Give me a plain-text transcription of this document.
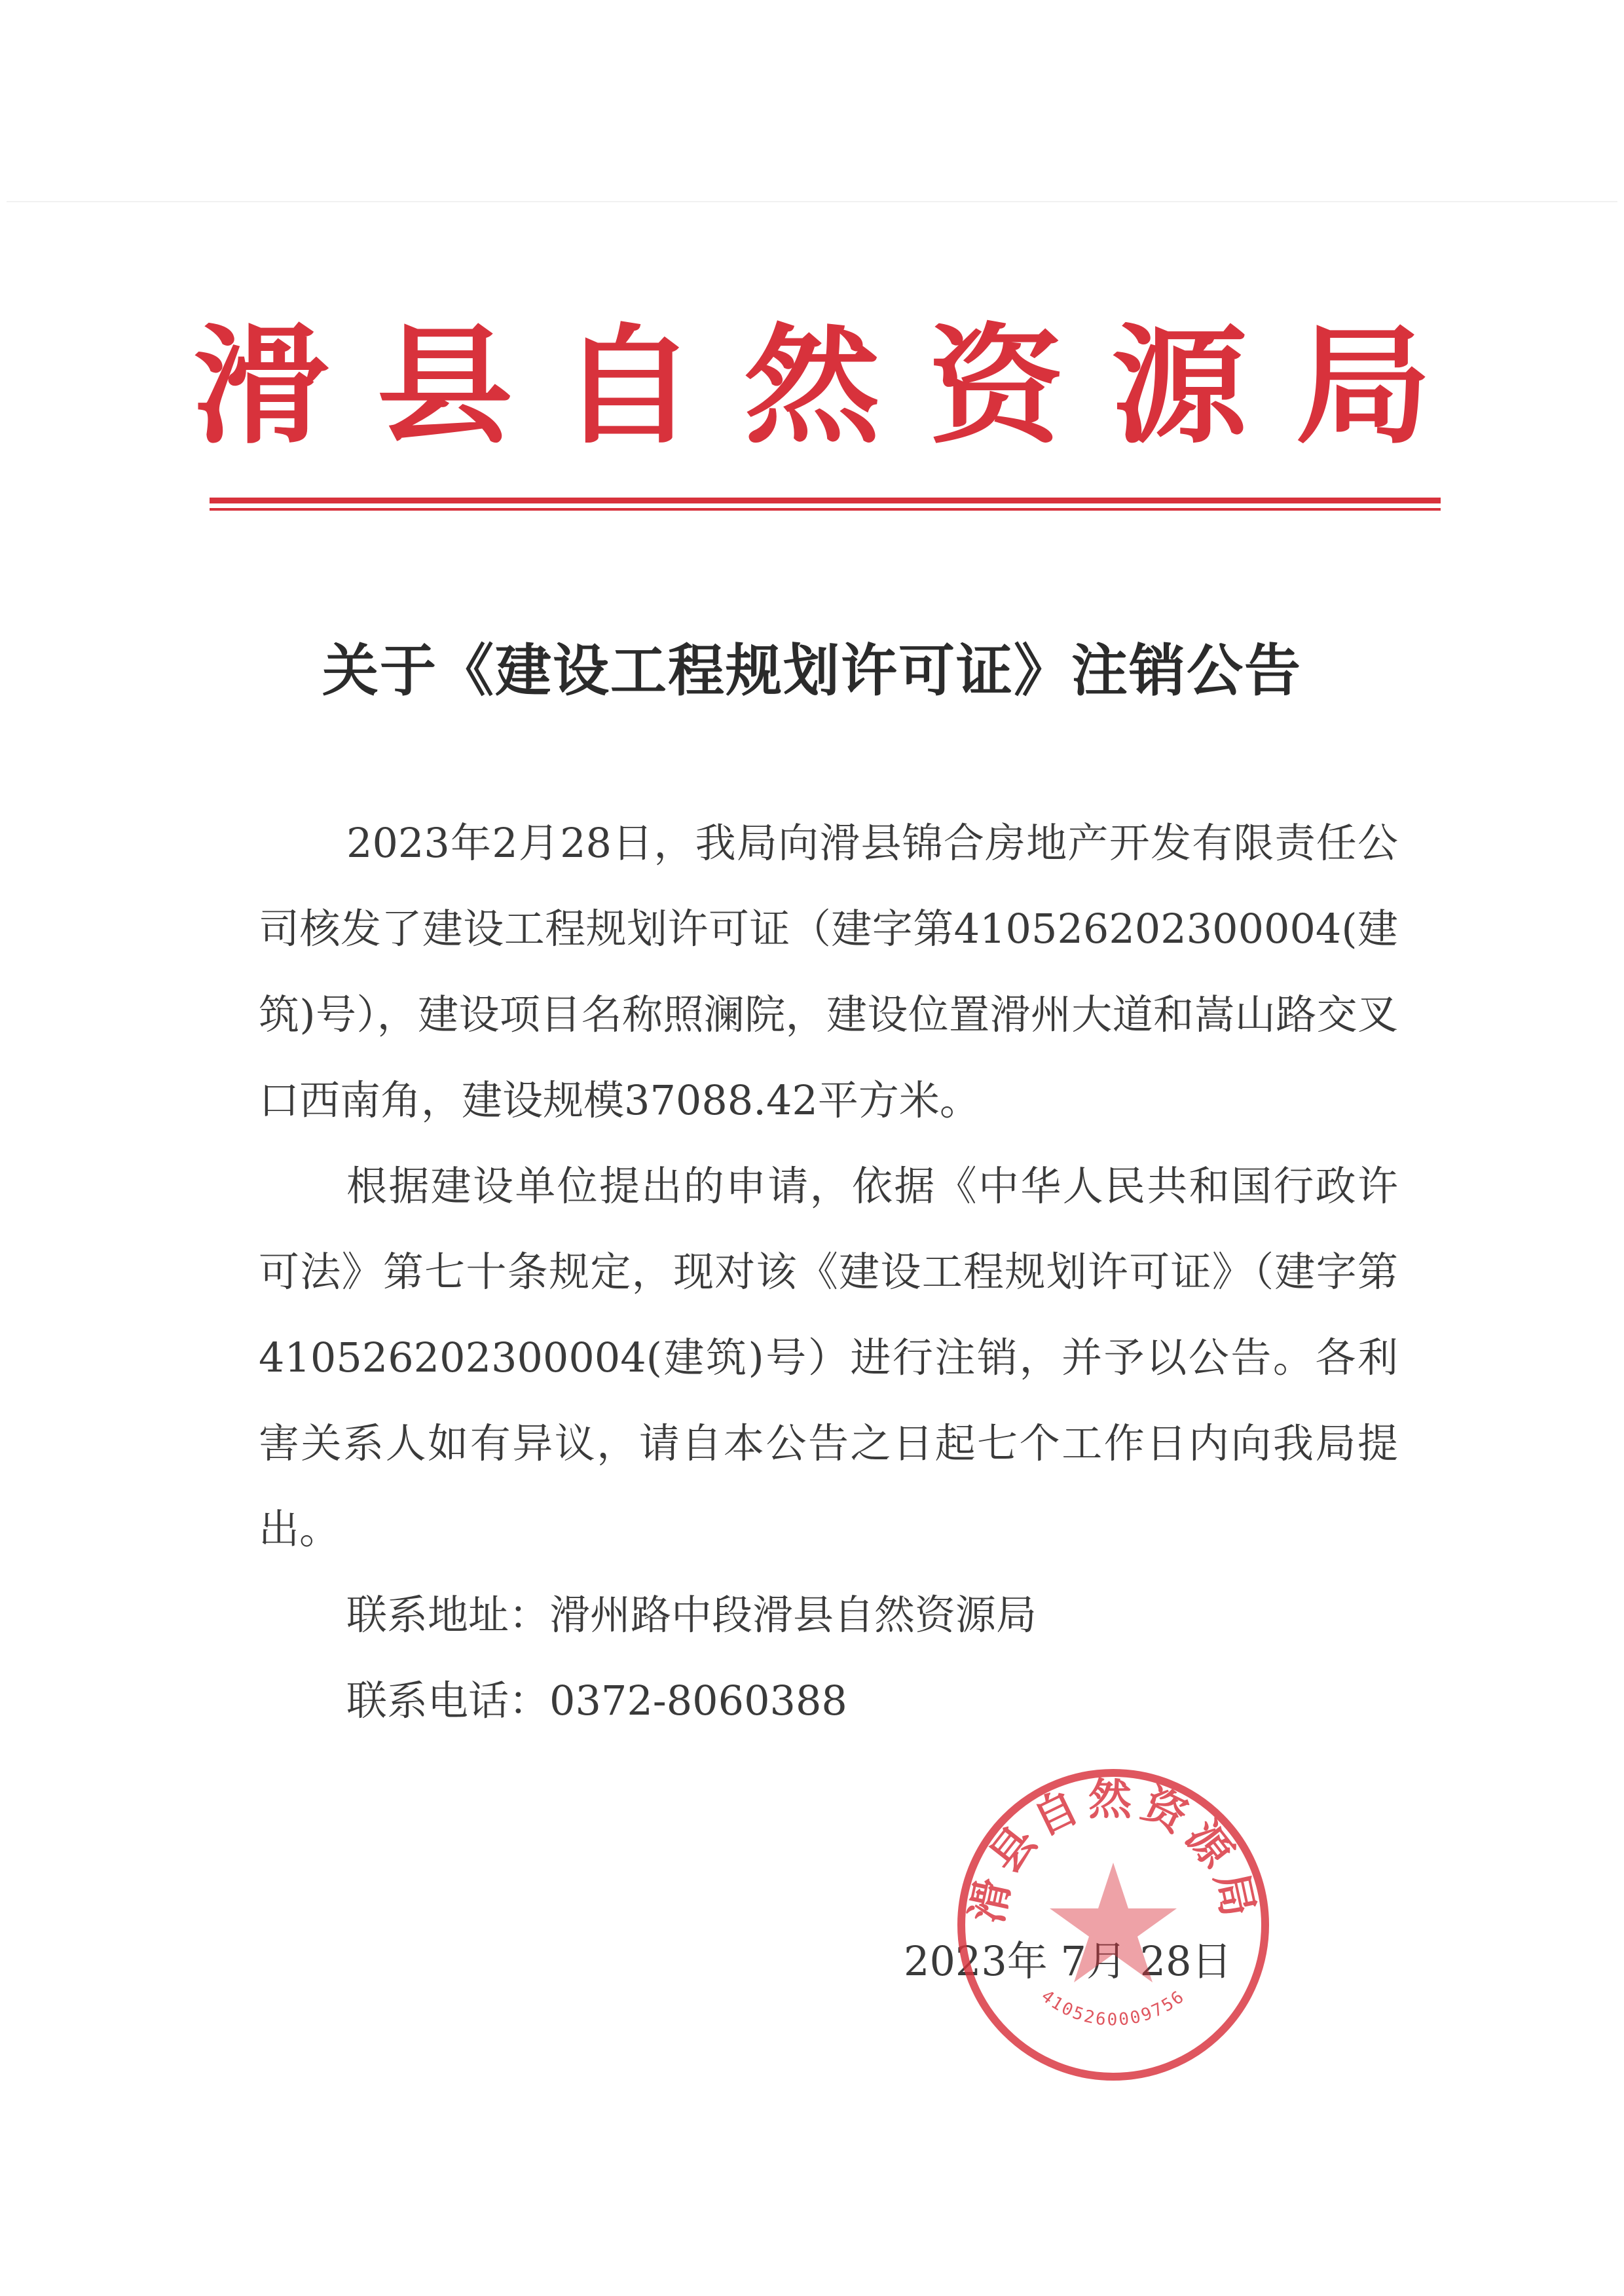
滑 县 自 然 资 源 局
关于《建设工程规划许可证》注销公告

2023年2月28日，我局向滑县锦合房地产开发有限责任公司核发了建设工程规划许可证（建字第410526202300004(建筑)号），建设项目名称照澜院，建设位置滑州大道和嵩山路交叉口西南角，建设规模37088.42平方米。

根据建设单位提出的申请，依据《中华人民共和国行政许可法》第七十条规定，现对该《建设工程规划许可证》（建字第 410526202300004(建筑)号）进行注销，并予以公告。各利害关系人如有异议，请自本公告之日起七个工作日内向我局提出。

联系地址：滑州路中段滑县自然资源局

联系电话：0372-8060388

2023年 7月 28日
滑县自然资源局
4105260009756
